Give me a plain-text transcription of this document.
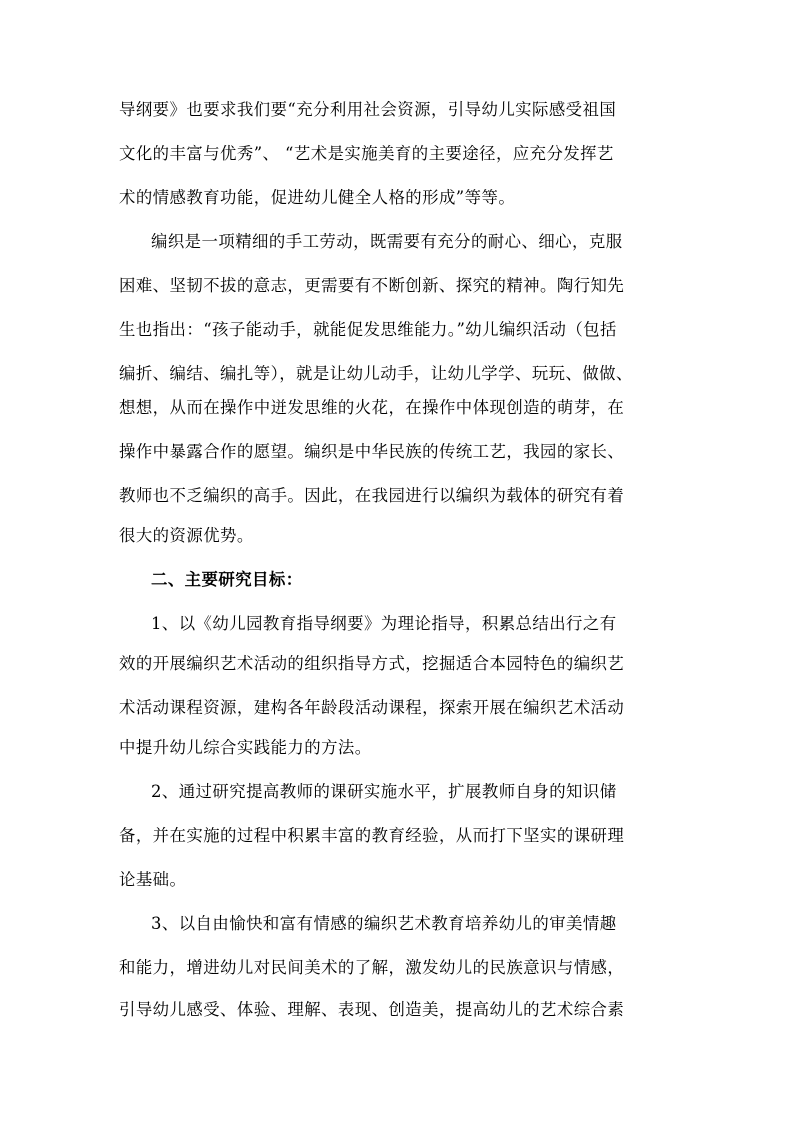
导纲要》也要求我们要“充分利用社会资源，引导幼儿实际感受祖国
文化的丰富与优秀”、 “艺术是实施美育的主要途径，应充分发挥艺
术的情感教育功能，促进幼儿健全人格的形成”等等。
编织是一项精细的手工劳动，既需要有充分的耐心、细心，克服
困难、坚韧不拔的意志，更需要有不断创新、探究的精神。陶行知先
生也指出：“孩子能动手，就能促发思维能力。”幼儿编织活动（包括
编折、编结、编扎等），就是让幼儿动手，让幼儿学学、玩玩、做做、
想想，从而在操作中迸发思维的火花，在操作中体现创造的萌芽，在
操作中暴露合作的愿望。编织是中华民族的传统工艺，我园的家长、
教师也不乏编织的高手。因此，在我园进行以编织为载体的研究有着
很大的资源优势。
二、主要研究目标：
1、以《幼儿园教育指导纲要》为理论指导，积累总结出行之有
效的开展编织艺术活动的组织指导方式，挖掘适合本园特色的编织艺
术活动课程资源，建构各年龄段活动课程，探索开展在编织艺术活动
中提升幼儿综合实践能力的方法。
2、通过研究提高教师的课研实施水平，扩展教师自身的知识储
备，并在实施的过程中积累丰富的教育经验，从而打下坚实的课研理
论基础。
3、以自由愉快和富有情感的编织艺术教育培养幼儿的审美情趣
和能力，增进幼儿对民间美术的了解，激发幼儿的民族意识与情感，
引导幼儿感受、体验、理解、表现、创造美，提高幼儿的艺术综合素
